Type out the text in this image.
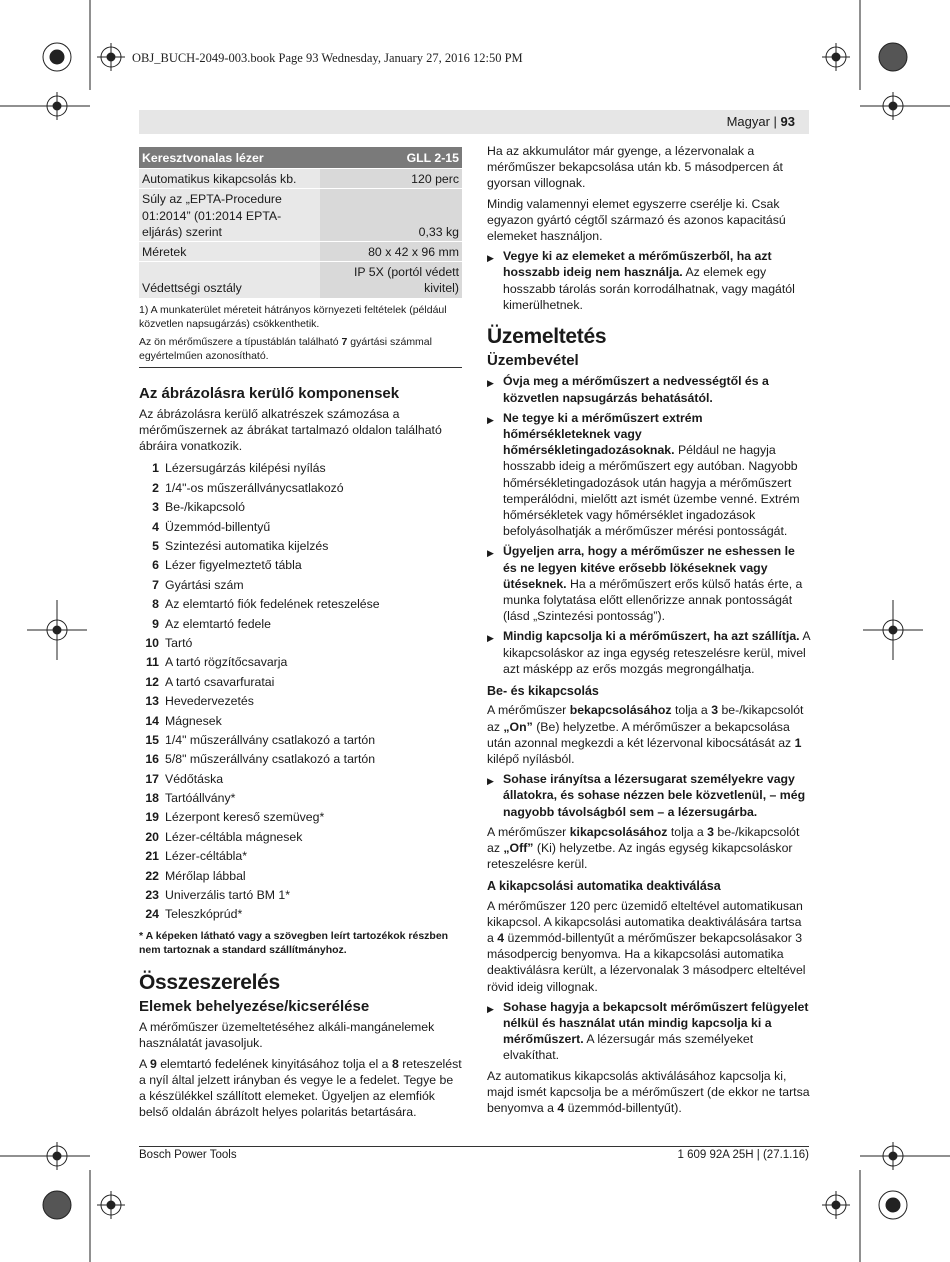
OBJ_BUCH-2049-003.book Page 93 Wednesday, January 27, 2016 12:50 PM
Magyar | 93
Keresztvonalas lézer	GLL 2-15
Automatikus kikapcsolás kb.	120 perc
Súly az „EPTA-Procedure 01:2014” (01:2014 EPTA-eljárás) szerint	0,33 kg
Méretek	80 x 42 x 96 mm
Védettségi osztály	IP 5X (portól védett kivitel)
1) A munkaterület méreteit hátrányos környezeti feltételek (például közvetlen napsugárzás) csökkenthetik.
Az ön mérőműszere a típustáblán található 7 gyártási számmal egyértelműen azonosítható.
Az ábrázolásra kerülő komponensek

Az ábrázolásra kerülő alkatrészek számozása a mérőműszernek az ábrákat tartalmazó oldalon található ábráira vonatkozik.

1 Lézersugárzás kilépési nyílás
2 1/4"-os műszerállványcsatlakozó
3 Be-/kikapcsoló
4 Üzemmód-billentyű
5 Szintezési automatika kijelzés
6 Lézer figyelmeztető tábla
7 Gyártási szám
8 Az elemtartó fiók fedelének reteszelése
9 Az elemtartó fedele
10 Tartó
11 A tartó rögzítőcsavarja
12 A tartó csavarfuratai
13 Hevedervezetés
14 Mágnesek
15 1/4" műszerállvány csatlakozó a tartón
16 5/8" műszerállvány csatlakozó a tartón
17 Védőtáska
18 Tartóállvány*
19 Lézerpont kereső szemüveg*
20 Lézer-céltábla mágnesek
21 Lézer-céltábla*
22 Mérőlap lábbal
23 Univerzális tartó BM 1*
24 Teleszkóprúd*
* A képeken látható vagy a szövegben leírt tartozékok részben nem tartoznak a standard szállítmányhoz.
Összeszerelés
Elemek behelyezése/kicserélése

A mérőműszer üzemeltetéséhez alkáli-mangánelemek használatát javasoljuk.

A 9 elemtartó fedelének kinyitásához tolja el a 8 reteszelést a nyíl által jelzett irányban és vegye le a fedelet. Tegye be a készülékkel szállított elemeket. Ügyeljen az elemfiók belső oldalán ábrázolt helyes polaritás betartására.

Ha az akkumulátor már gyenge, a lézervonalak a mérőműszer bekapcsolása után kb. 5 másodpercen át gyorsan villognak.

Mindig valamennyi elemet egyszerre cserélje ki. Csak egyazon gyártó cégtől származó és azonos kapacitású elemeket használjon.

▶ Vegye ki az elemeket a mérőműszerből, ha azt hosszabb ideig nem használja. Az elemek egy hosszabb tárolás során korrodálhatnak, vagy magától kimerülhetnek.
Üzemeltetés
Üzembevétel
▶ Óvja meg a mérőműszert a nedvességtől és a közvetlen napsugárzás behatásától.
▶ Ne tegye ki a mérőműszert extrém hőmérsékleteknek vagy hőmérsékletingadozásoknak. Például ne hagyja hosszabb ideig a mérőműszert egy autóban. Nagyobb hőmérsékletingadozások után hagyja a mérőműszert temperálódni, mielőtt azt ismét üzembe venné. Extrém hőmérsékletek vagy hőmérséklet ingadozások befolyásolhatják a mérőműszer mérési pontosságát.
▶ Ügyeljen arra, hogy a mérőműszer ne eshessen le és ne legyen kitéve erősebb lökéseknek vagy ütéseknek. Ha a mérőműszert erős külső hatás érte, a munka folytatása előtt ellenőrizze annak pontosságát (lásd „Szintezési pontosság”).
▶ Mindig kapcsolja ki a mérőműszert, ha azt szállítja. A kikapcsoláskor az inga egység reteszelésre kerül, mivel azt másképp az erős mozgás megrongálhatja.
Be- és kikapcsolás

A mérőműszer bekapcsolásához tolja a 3 be-/kikapcsolót az „On” (Be) helyzetbe. A mérőműszer a bekapcsolása után azonnal megkezdi a két lézervonal kibocsátását az 1 kilépő nyílásból.

▶ Sohase irányítsa a lézersugarat személyekre vagy állatokra, és sohase nézzen bele közvetlenül, – még nagyobb távolságból sem – a lézersugárba.

A mérőműszer kikapcsolásához tolja a 3 be-/kikapcsolót az „Off” (Ki) helyzetbe. Az ingás egység kikapcsoláskor reteszelésre kerül.

A kikapcsolási automatika deaktiválása

A mérőműszer 120 perc üzemidő elteltével automatikusan kikapcsol. A kikapcsolási automatika deaktiválására tartsa a 4 üzemmód-billentyűt a mérőműszer bekapcsolásakor 3 másodpercig benyomva. Ha a kikapcsolási automatika deaktiválásra került, a lézervonalak 3 másodperc elteltével rövid ideig villognak.

▶ Sohase hagyja a bekapcsolt mérőműszert felügyelet nélkül és használat után mindig kapcsolja ki a mérőműszert. A lézersugár más személyeket elvakíthat.

Az automatikus kikapcsolás aktiválásához kapcsolja ki, majd ismét kapcsolja be a mérőműszert (de ekkor ne tartsa benyomva a 4 üzemmód-billentyűt).

Bosch Power Tools	1 609 92A 25H | (27.1.16)
